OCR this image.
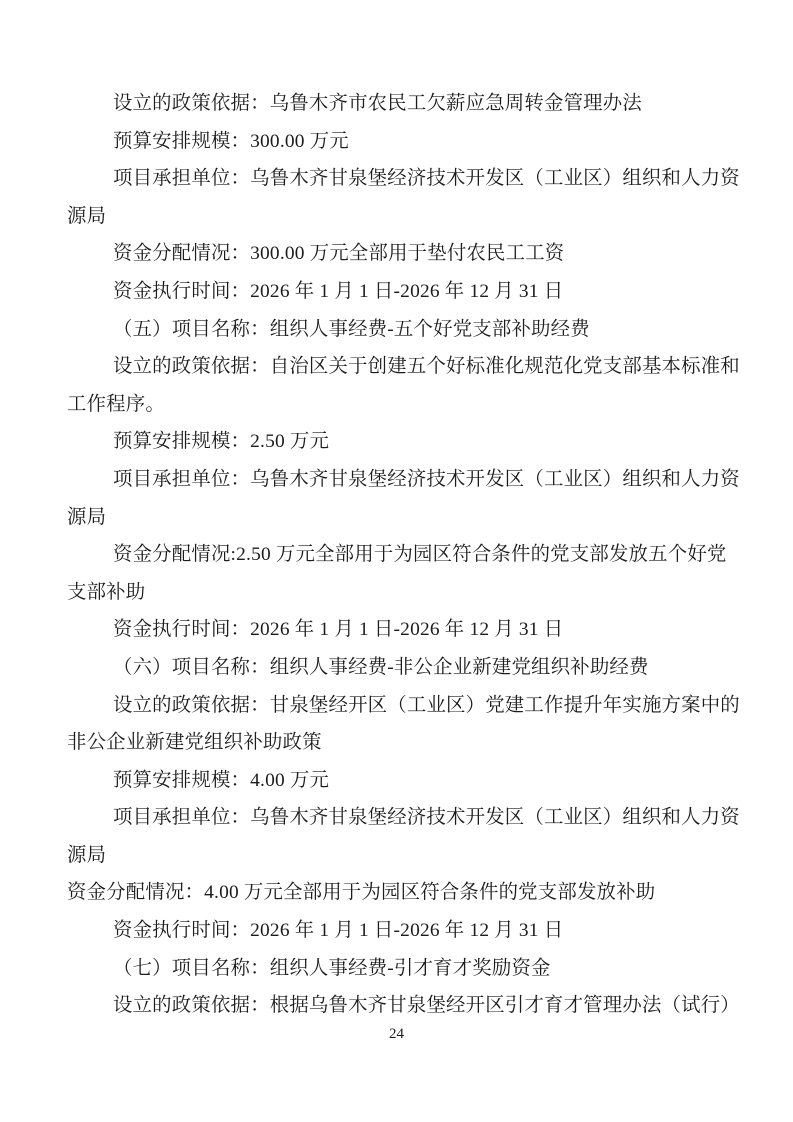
设立的政策依据：乌鲁木齐市农民工欠薪应急周转金管理办法
预算安排规模：300.00 万元
项目承担单位：乌鲁木齐甘泉堡经济技术开发区（工业区）组织和人力资
源局
资金分配情况：300.00 万元全部用于垫付农民工工资
资金执行时间：2026 年 1 月 1 日-2026 年 12 月 31 日
（五）项目名称：组织人事经费-五个好党支部补助经费
设立的政策依据：自治区关于创建五个好标准化规范化党支部基本标准和
工作程序。
预算安排规模：2.50 万元
项目承担单位：乌鲁木齐甘泉堡经济技术开发区（工业区）组织和人力资
源局
资金分配情况:2.50 万元全部用于为园区符合条件的党支部发放五个好党
支部补助
资金执行时间：2026 年 1 月 1 日-2026 年 12 月 31 日
（六）项目名称：组织人事经费-非公企业新建党组织补助经费
设立的政策依据：甘泉堡经开区（工业区）党建工作提升年实施方案中的
非公企业新建党组织补助政策
预算安排规模：4.00 万元
项目承担单位：乌鲁木齐甘泉堡经济技术开发区（工业区）组织和人力资
源局
资金分配情况：4.00 万元全部用于为园区符合条件的党支部发放补助
资金执行时间：2026 年 1 月 1 日-2026 年 12 月 31 日
（七）项目名称：组织人事经费-引才育才奖励资金
设立的政策依据：根据乌鲁木齐甘泉堡经开区引才育才管理办法（试行）
24
